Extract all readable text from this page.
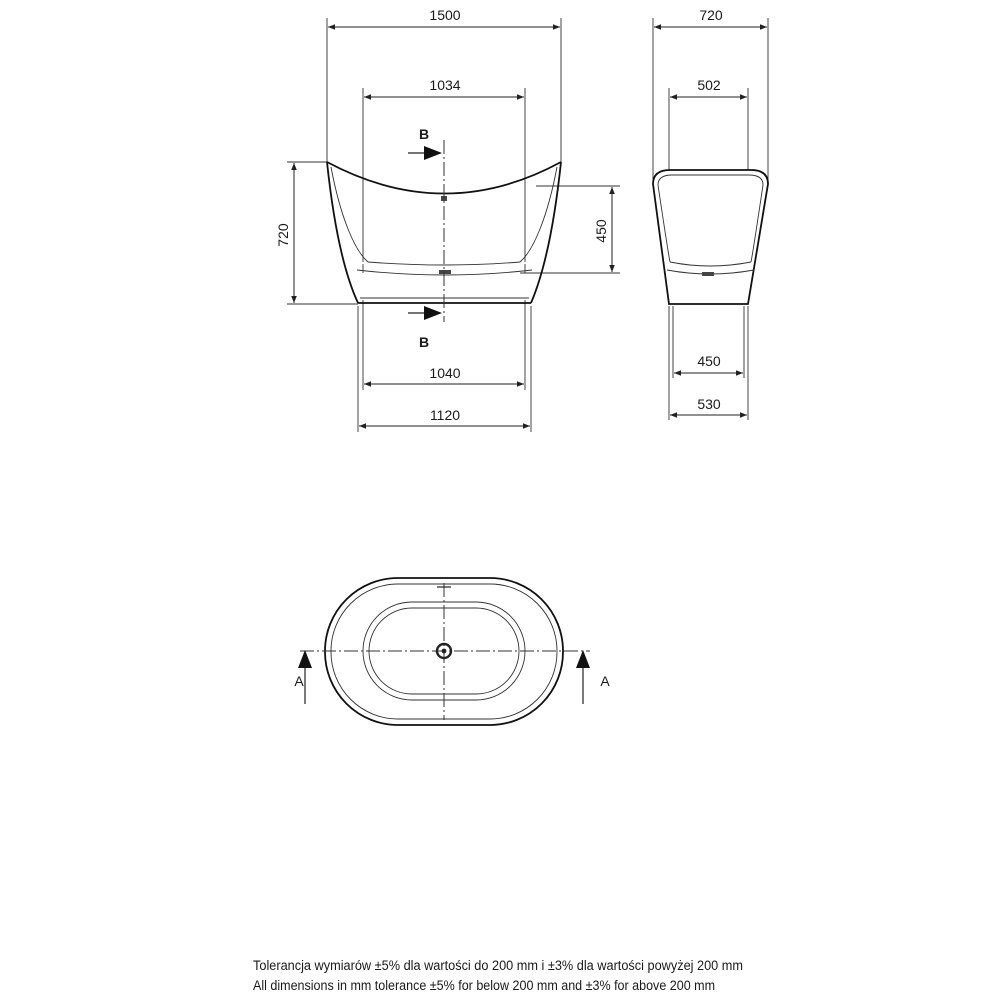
1500
1034
720	450
1040
1120
B
B
720
502
450
530
A	A
Tolerancja wymiarów ±5% dla wartości do 200 mm i ±3% dla wartości powyżej 200 mm
All dimensions in mm tolerance ±5% for below 200 mm and ±3% for above 200 mm
